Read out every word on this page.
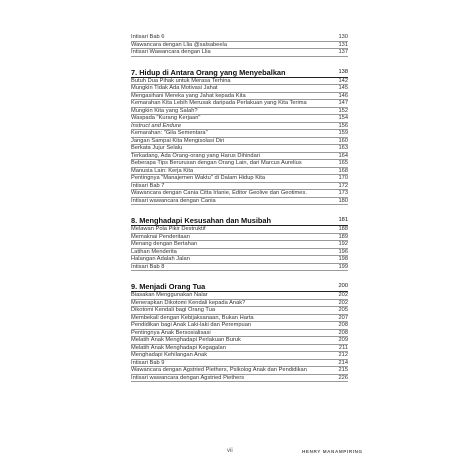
Intisari Bab 6	130
Wawancara dengan Llia @salsabeela	131
Intisari Wawancara dengan Llia	137
7. Hidup di Antara Orang yang Menyebalkan	138
Butuh Dua Pihak untuk Merasa Terhina	142
Mungkin Tidak Ada Motivasi Jahat	145
Mengasihani Mereka yang Jahat kepada Kita	146
Kemarahan Kita Lebih Merusak daripada Perlakuan yang Kita Terima	147
Mungkin Kita yang Salah?	152
Waspada "Kurang Kerjaan"	154
Instruct and Endure	156
Kemarahan: "Gila Sementara"	159
Jangan Sampai Kita Mengisolasi Diri	160
Berkata Jujur Selalu	163
Terkadang, Ada Orang-orang yang Harus Dihindari	164
Beberapa Tips Berurusan dengan Orang Lain, dari Marcus Aurelius	165
Manusia Lain: Kerja Kita	168
Pentingnya "Manajemen Waktu" di Dalam Hidup Kita	170
Intisari Bab 7	172
Wawancara dengan Cania Citta Irlanie, Editor Geolive dan Geotimes.	173
Intisari wawancara dengan Cania	180
8. Menghadapi Kesusahan dan Musibah	181
Melawan Pola Pikir Destruktif	188
Memaknai Penderitaan	189
Menang dengan Bertahan	192
Latihan Menderita	196
Halangan Adalah Jalan	198
Intisari Bab 8	199
9. Menjadi Orang Tua	200
Biasakan Menggunakan Nalar	202
Menerapkan Dikotomi Kendali kepada Anak?	202
Dikotomi Kendali bagi Orang Tua	205
Membekali dengan Kebijaksanaan, Bukan Harta	207
Pendidikan bagi Anak Laki-laki dan Perempuan	208
Pentingnya Anak Bersosialisasi	208
Melatih Anak Menghadapi Perlakuan Buruk	209
Melatih Anak Menghadapi Kegagalan	211
Menghadapi Kehilangan Anak	212
Intisari Bab 9	214
Wawancara dengan Agstried Piethers, Psikolog Anak dan Pendidikan	215
Intisari wawancara dengan Agstried Piethers	226
vii	HENRY MANAMPIRING
